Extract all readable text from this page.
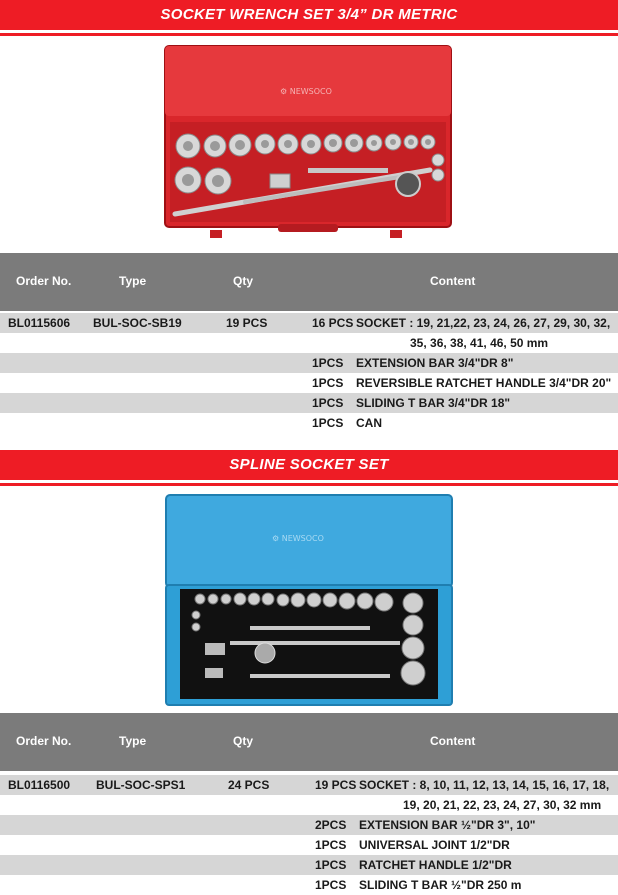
SOCKET WRENCH SET 3/4” DR METRIC
⚙ NEWSOCO
Order No.	Type	Qty	Content
BL0115606 BUL-SOC-SB19	19 PCS	16 PCS SOCKET : 19, 21,22, 23, 24, 26, 27, 29, 30, 32,
35, 36, 38, 41, 46, 50 mm
1PCS EXTENSION BAR 3/4"DR 8"
1PCS REVERSIBLE RATCHET HANDLE 3/4"DR 20"
1PCS SLIDING T BAR 3/4"DR 18"
1PCS CAN
SPLINE SOCKET SET
⚙ NEWSOCO
Order No.	Type	Qty	Content
BL0116500 BUL-SOC-SPS1	24 PCS	19 PCS SOCKET : 8, 10, 11, 12, 13, 14, 15, 16, 17, 18,
19, 20, 21, 22, 23, 24, 27, 30, 32 mm
2PCS EXTENSION BAR ½"DR 3", 10"
1PCS UNIVERSAL JOINT 1/2"DR
1PCS RATCHET HANDLE 1/2"DR
1PCS SLIDING T BAR ½"DR 250 m
